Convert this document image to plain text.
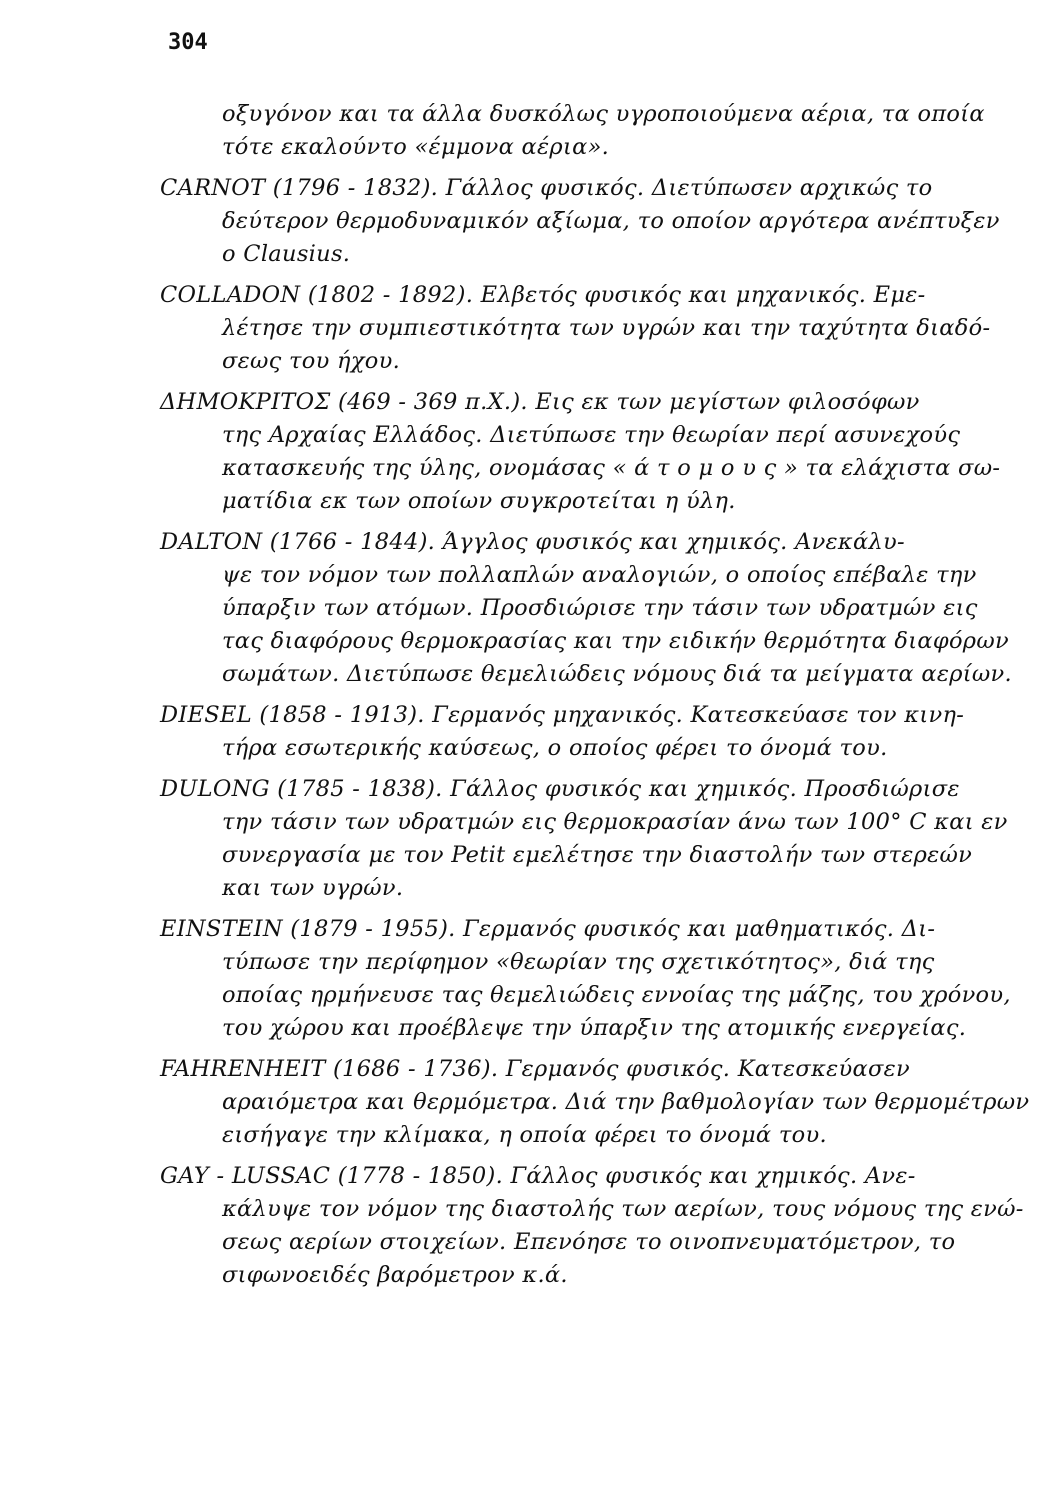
304
οξυγόνον και τα άλλα δυσκόλως υγροποιούμενα αέρια, τα οποία
τότε εκαλούντο «έμμονα αέρια».
CARNOT (1796 - 1832). Γάλλος φυσικός. Διετύπωσεν αρχικώς το
δεύτερον θερμοδυναμικόν αξίωμα, το οποίον αργότερα ανέπτυξεν
ο Clausius.
COLLADON (1802 - 1892). Ελβετός φυσικός και μηχανικός. Εμε-
λέτησε την συμπιεστικότητα των υγρών και την ταχύτητα διαδό-
σεως του ήχου.
ΔΗΜΟΚΡΙΤΟΣ (469 - 369 π.Χ.). Εις εκ των μεγίστων φιλοσόφων
της Αρχαίας Ελλάδος. Διετύπωσε την θεωρίαν περί ασυνεχούς
κατασκευής της ύλης, ονομάσας « ά τ ο μ ο υ ς » τα ελάχιστα σω-
ματίδια εκ των οποίων συγκροτείται η ύλη.
DALTON (1766 - 1844). Άγγλος φυσικός και χημικός. Ανεκάλυ-
ψε τον νόμον των πολλαπλών αναλογιών, ο οποίος επέβαλε την
ύπαρξιν των ατόμων. Προσδιώρισε την τάσιν των υδρατμών εις
τας διαφόρους θερμοκρασίας και την ειδικήν θερμότητα διαφόρων
σωμάτων. Διετύπωσε θεμελιώδεις νόμους διά τα μείγματα αερίων.
DIESEL (1858 - 1913). Γερμανός μηχανικός. Κατεσκεύασε τον κινη-
τήρα εσωτερικής καύσεως, ο οποίος φέρει το όνομά του.
DULONG (1785 - 1838). Γάλλος φυσικός και χημικός. Προσδιώρισε
την τάσιν των υδρατμών εις θερμοκρασίαν άνω των 100° C και εν
συνεργασία με τον Petit εμελέτησε την διαστολήν των στερεών
και των υγρών.
EINSTEIN (1879 - 1955). Γερμανός φυσικός και μαθηματικός. Δι-
τύπωσε την περίφημον «θεωρίαν της σχετικότητος», διά της
οποίας ηρμήνευσε τας θεμελιώδεις εννοίας της μάζης, του χρόνου,
του χώρου και προέβλεψε την ύπαρξιν της ατομικής ενεργείας.
FAHRENHEIT (1686 - 1736). Γερμανός φυσικός. Κατεσκεύασεν
αραιόμετρα και θερμόμετρα. Διά την βαθμολογίαν των θερμομέτρων
εισήγαγε την κλίμακα, η οποία φέρει το όνομά του.
GAY - LUSSAC (1778 - 1850). Γάλλος φυσικός και χημικός. Ανε-
κάλυψε τον νόμον της διαστολής των αερίων, τους νόμους της ενώ-
σεως αερίων στοιχείων. Επενόησε το οινοπνευματόμετρον, το
σιφωνοειδές βαρόμετρον κ.ά.
